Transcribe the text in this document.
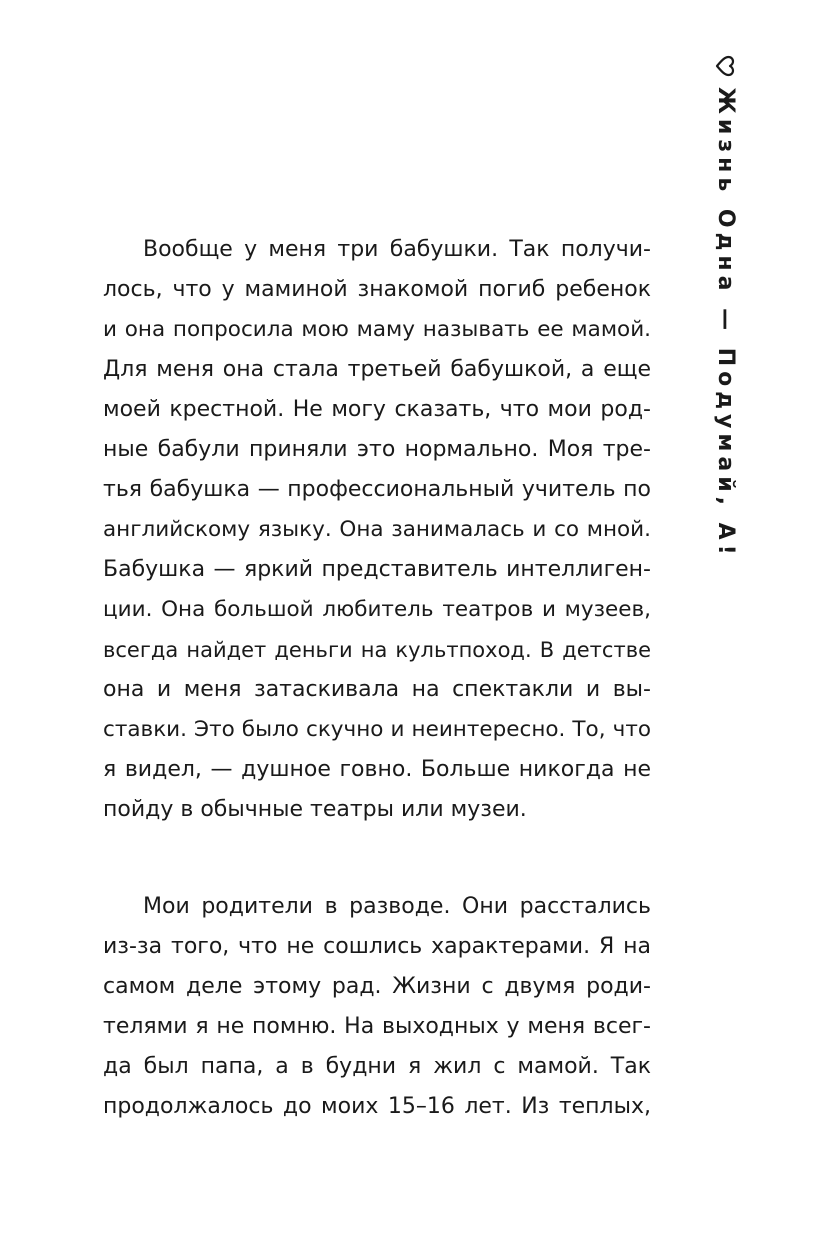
Жизнь Одна — Подумай, А!
Вообще у меня три бабушки. Так получи-
лось, что у маминой знакомой погиб ребенок
и она попросила мою маму называть ее мамой.
Для меня она стала третьей бабушкой, а еще
моей крестной. Не могу сказать, что мои род-
ные бабули приняли это нормально. Моя тре-
тья бабушка — профессиональный учитель по
английскому языку. Она занималась и со мной.
Бабушка — яркий представитель интеллиген-
ции. Она большой любитель театров и музеев,
всегда найдет деньги на культпоход. В детстве
она и меня затаскивала на спектакли и вы-
ставки. Это было скучно и неинтересно. То, что
я видел, — душное говно. Больше никогда не
пойду в обычные театры или музеи.
Мои родители в разводе. Они расстались
из-за того, что не сошлись характерами. Я на
самом деле этому рад. Жизни с двумя роди-
телями я не помню. На выходных у меня всег-
да был папа, а в будни я жил с мамой. Так
продолжалось до моих 15–16 лет. Из теплых,
